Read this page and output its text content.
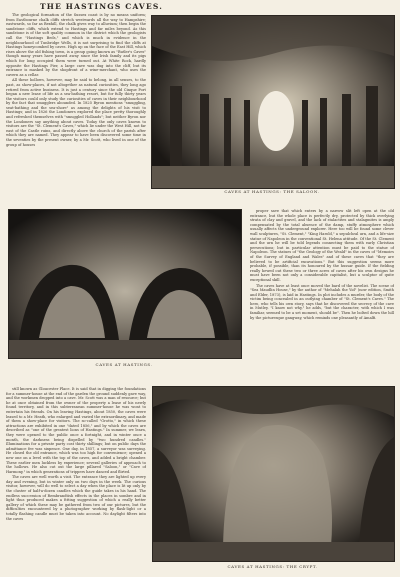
THE HASTINGS CAVES.

The geological formation of the Sussex coast is by no means uniform; from Eastbourne chalk cliffs stretch westwards all the way to Hampshire; eastwards, so far as Bexhill, the chalk gives way to alluvium; then begin the sandstone cliffs, which extend to Hastings and far miles beyond. As this sandstone is of the soft quality common in the district which the geologists call the "Hastings Beds," and which is much in evidence in the neighbourhood of Tunbridge Wells, it is not surprising to find the cliffs at Hastings honeycombed by caves. High up on the face of the East Hill, which rises above the old fishing town, is a group going known as "Butler's Caves" though many years have passed away since the Irish family and its pigs which for long occupied them were turned out. At White Rock, hardly opposite the Hastings Pier, a large cave was dug into the cliff, but its entrance is masked by the shopfront of a wine-merchant, who uses the cavern as a cellar.

All these hollows, however, may be said to belong, in all senses, to the past, as show-places, if not altogether as natural curiosities, they long ago retired from active business. It is just a century since the old Cinque Port began a new lease of life as a sea-bathing resort, but for fully thirty years the visitors could only study the curiosities of caves in their neighbourhood by the fact that smugglers abounded. In 1825 Byron mentions "smuggling, seat-bathing and the sea-shore" as among the delights of his visit to Hastings; and in 1826 the Londoners explored the place pretty thoroughly and refreshed themselves with "smuggled Hollands"; but neither Byron nor the Londoners say anything about caves. Today the only caves known to visitors are the "St. Clement's Caves," which lie under the West Hill, not far east of the Castle ruins, and directly above the church of the parish after which they are named. They appear to have been discovered some time in the seventies by the present owner, by a Mr. Scott, who lived in one of the group of houses

CAVES AT HASTINGS: THE SALOON.
CAVES AT HASTINGS.

proper save that which enters by a narrow slit left open at the old entrance, but the whole place is perfectly dry, protected by thick overlying strata of clay and gravel, and the lack of stalactites and stalagmites is amply compensated by the total absence of the damp, stuffy atmosphere which usually affects the underground explorer. Here too will be found some clever wall sculptures, "St. Clement," "King Harold," a sepulchral urn, and a life-size statue of Napoleon in the conventional St. Helena attitude. Of the St. Clement and the urn he will be told legends connecting them with early Christian persecutions; but in particular attention must be paid to the statue of Napoleon. The statues of "the Geology of the Weald" in the caves of "Memoirs of the Survey of England and Wales" and of these caves that "they are believed to be artificial excavations." But this suggestion seems more probable, if possible, than its honoured by the hussar guide. If the fielding really hewed out these two or three acres of caves after his own designs he must have been not only a considerable capitalist, but a sculptor of quite exceptional skill.

The caves have at least once moved the bard of the novelist. The scene of "Sea Maudlin House," by the author of "Mehalah the Yid" (now edition, Smith and Elder, 1873), is laid in Hastings. In plot includes a murder, the body of the victim being concealed in an outlying chamber of "St. Clement's Caves." The hero, who tells his own story, says that he discovered the secrecy of the cave in Mutley. "I know not why," he adds, "but the character, with which I was familiar, seemed to be a set moment, should be". Then he bolted down the hill by the picturesque gangway, which reminds one pleasantly of Amalfi.

still known as Gloucester Place. It is said that in digging the foundations for a summer-house at the end of the garden the ground suddenly gave way, and the workmen dropped into a cave. Mr. Scott was a man of resource; but he at once obtained from the owner of the property a lease of his newly found territory, and in this subterranean summer-house he was wont to entertain his friends. On his leaving Hastings, about 1850, the caves were leased to a Mr. Heath, who enlarged and varied the extraordinary, and made of them a show-place for visitors. The so-called "Grotto," in which these attractions are exhibited in one "dated 1856," and by which the caves are described as "one of the greatest lions of Hastings." In summer, we learn, they were opened to the public once a fortnight, and in winter once a month, the darkness being dispelled by "two hundred candles." Illuminations for a private party cost thirty shillings; but on public days the admittance fee was sixpence. One day, in 1857, a surveyor was surveying. He closed the old entrance, which was too high for convenience; opened a new one on a level with the top of the caves, and added a bright chamber. These earlier men luckless by experience; several galleries of approach to the hollows. He also cut out the large pillared "Saloon," or "Cave of Harmony," in which generations of trippers have danced and flirted.

The caves are well worth a visit. The entrance they are lighted up every day and evening, but in winter only on two days in the week. The curious visitor, however, will do well to select a day when the place is lit up only by the cluster of half-a-dozen candles which the guide takes in his hand. The endless succession of Rembrandtish effects in the places in sombre and in light thus produced makes a fitting suggestion of which a really better gallery of which these may be gathered from two of our pictures, but the difficulties encountered by a photographer working by flash-light or a totally flashing candle must be taken into account. No daylight filters into the caves

CAVES AT HASTINGS: THE CRYPT.
